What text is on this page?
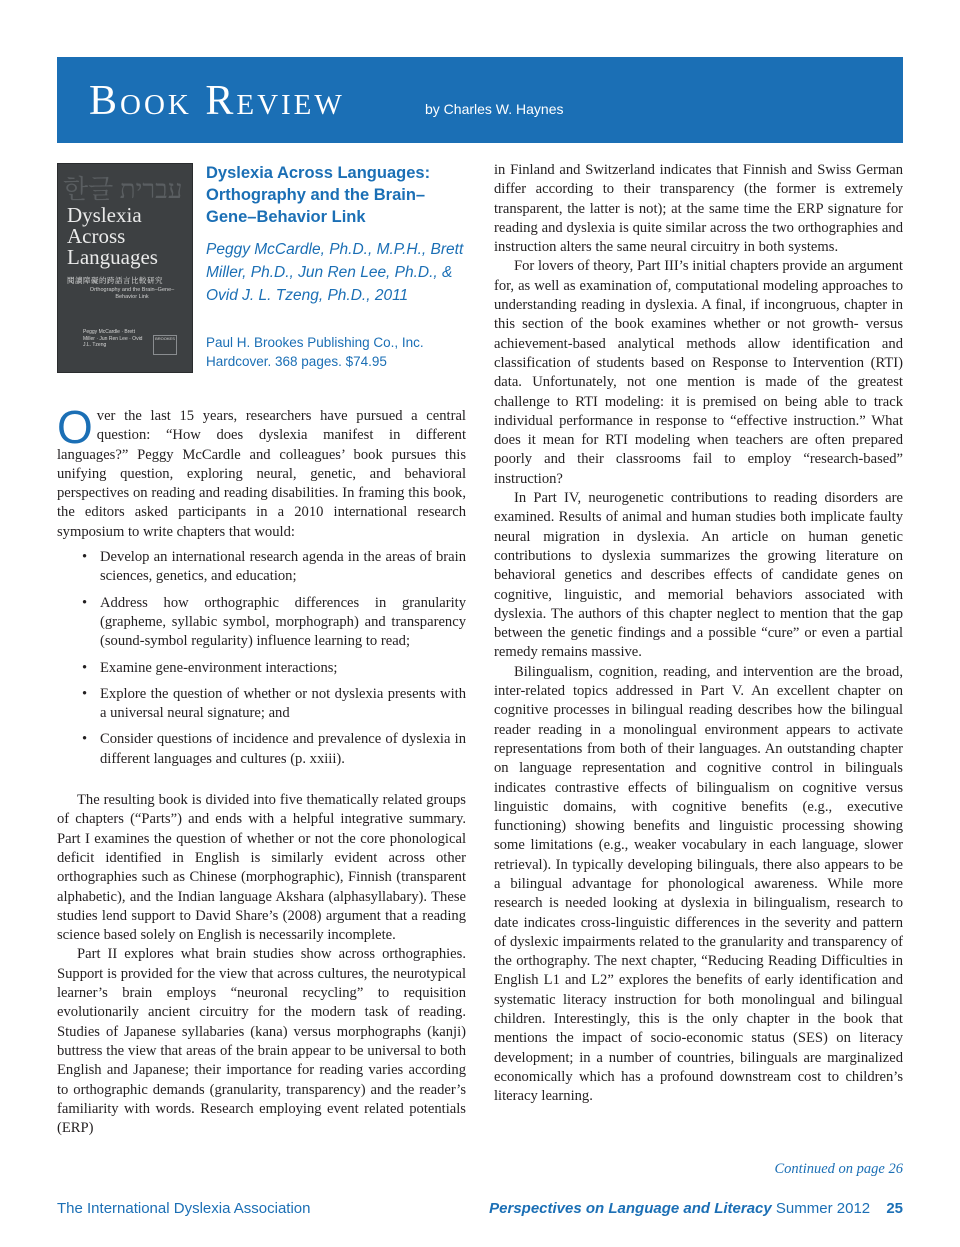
Book Review	by Charles W. Haynes
한글 עברית
Dyslexia Across Languages
閱讀障礙的跨語言比較研究
Orthography and the Brain–Gene–Behavior Link
Peggy McCardle · Brett Miller · Jun Ren Lee · Ovid J.L. Tzeng
BROOKES
Dyslexia Across Languages: Orthography and the Brain–Gene–Behavior Link

Peggy McCardle, Ph.D., M.P.H., Brett Miller, Ph.D., Jun Ren Lee, Ph.D., & Ovid J. L. Tzeng, Ph.D., 2011

Paul H. Brookes Publishing Co., Inc.
Hardcover. 368 pages. $74.95

Over the last 15 years, researchers have pursued a central question: “How does dyslexia manifest in different languages?” Peggy McCardle and colleagues’ book pursues this unifying question, exploring neural, genetic, and behavioral perspectives on reading and reading disabilities. In framing this book, the editors asked participants in a 2010 international research symposium to write chapters that would:

• Develop an international research agenda in the areas of brain sciences, genetics, and education;
• Address how orthographic differences in granularity (grapheme, syllabic symbol, morphograph) and transparency (sound-symbol regularity) influence learning to read;
• Examine gene-environment interactions;
• Explore the question of whether or not dyslexia presents with a universal neural signature; and
• Consider questions of incidence and prevalence of dyslexia in different languages and cultures (p. xxiii).

The resulting book is divided into five thematically related groups of chapters (“Parts”) and ends with a helpful integrative summary. Part I examines the question of whether or not the core phonological deficit identified in English is similarly evident across other orthographies such as Chinese (morphographic), Finnish (transparent alphabetic), and the Indian language Akshara (alphasyllabary). These studies lend support to David Share’s (2008) argument that a reading science based solely on English is necessarily incomplete.

Part II explores what brain studies show across orthographies. Support is provided for the view that across cultures, the neurotypical learner’s brain employs “neuronal recycling” to requisition evolutionarily ancient circuitry for the modern task of reading. Studies of Japanese syllabaries (kana) versus morphographs (kanji) buttress the view that areas of the brain appear to be universal to both English and Japanese; their importance for reading varies according to orthographic demands (granularity, transparency) and the reader’s familiarity with words. Research employing event related potentials (ERP)

in Finland and Switzerland indicates that Finnish and Swiss German differ according to their transparency (the former is extremely transparent, the latter is not); at the same time the ERP signature for reading and dyslexia is quite similar across the two orthographies and instruction alters the same neural circuitry in both systems.

For lovers of theory, Part III’s initial chapters provide an argument for, as well as examination of, computational modeling approaches to understanding reading in dyslexia. A final, if incongruous, chapter in this section of the book examines whether or not growth- versus achievement-based analytical methods allow identification and classification of students based on Response to Intervention (RTI) data. Unfortunately, not one mention is made of the greatest challenge to RTI modeling: it is premised on being able to track individual performance in response to “effective instruction.” What does it mean for RTI modeling when teachers are often prepared poorly and their classrooms fail to employ “research-based” instruction?

In Part IV, neurogenetic contributions to reading disorders are examined. Results of animal and human studies both implicate faulty neural migration in dyslexia. An article on human genetic contributions to dyslexia summarizes the growing literature on behavioral genetics and describes effects of candidate genes on cognitive, linguistic, and memorial behaviors associated with dyslexia. The authors of this chapter neglect to mention that the gap between the genetic findings and a possible “cure” or even a partial remedy remains massive.

Bilingualism, cognition, reading, and intervention are the broad, inter-related topics addressed in Part V. An excellent chapter on cognitive processes in bilingual reading describes how the bilingual reader reading in a monolingual environment appears to activate representations from both of their languages. An outstanding chapter on language representation and cognitive control in bilinguals indicates contrastive effects of bilingualism on cognitive versus linguistic domains, with cognitive benefits (e.g., executive functioning) showing benefits and linguistic processing showing some limitations (e.g., weaker vocabulary in each language, slower retrieval). In typically developing bilinguals, there also appears to be a bilingual advantage for phonological awareness. While more research is needed looking at dyslexia in bilingualism, research to date indicates cross-linguistic differences in the severity and pattern of dyslexic impairments related to the granularity and transparency of the orthography. The next chapter, “Reducing Reading Difficulties in English L1 and L2” explores the benefits of early identification and systematic literacy instruction for both monolingual and bilingual children. Interestingly, this is the only chapter in the book that mentions the impact of socio-economic status (SES) on literacy development; in a number of countries, bilinguals are marginalized economically which has a profound downstream cost to children’s literacy learning.

Continued on page 26
The International Dyslexia Association	Perspectives on Language and Literacy Summer 2012 25
